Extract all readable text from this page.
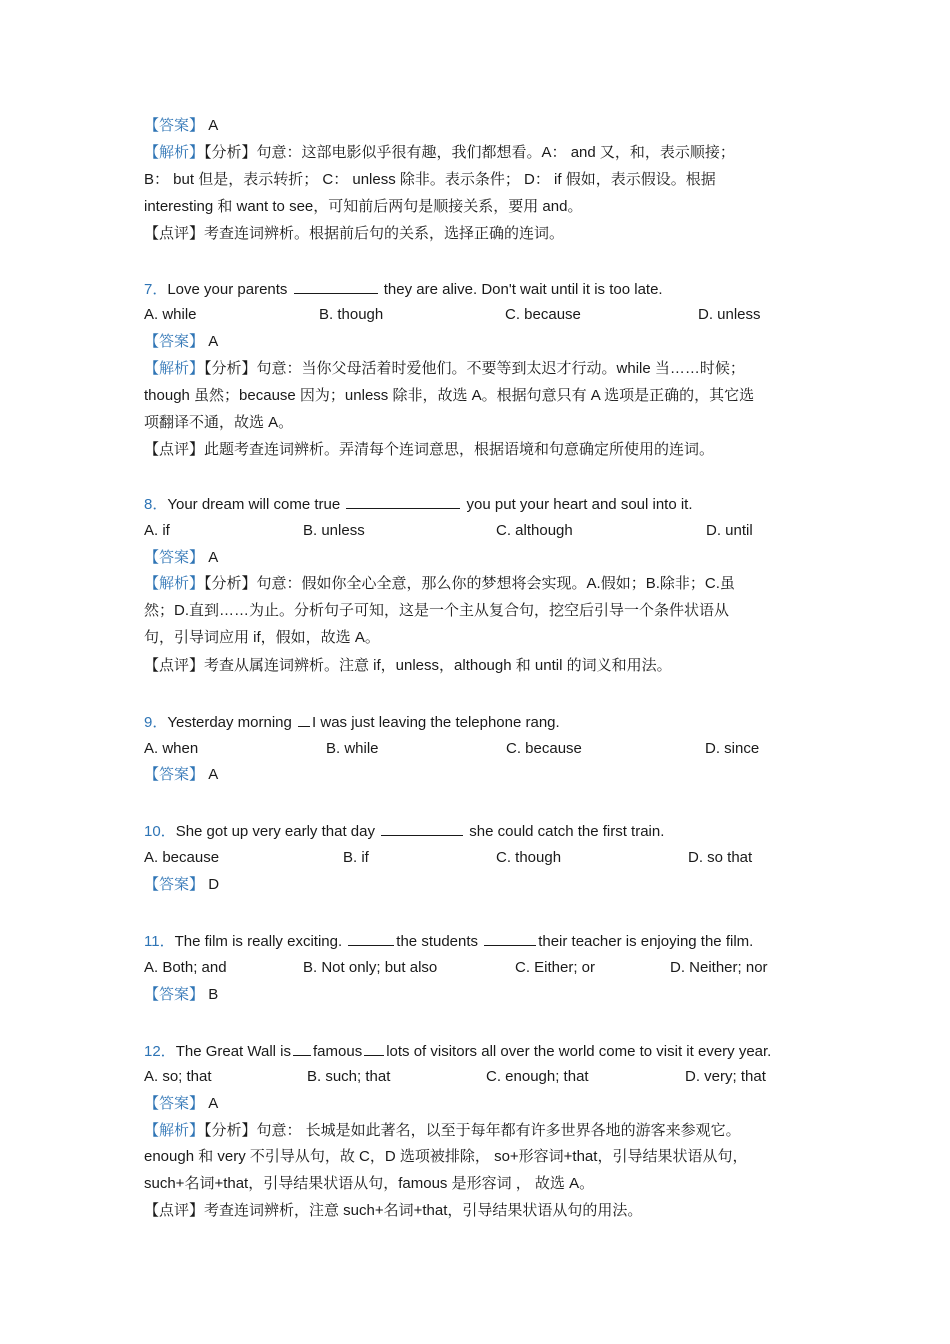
【答案】 A
【解析】【分析】句意：这部电影似乎很有趣，我们都想看。A： and 又，和，表示顺接；
B： but 但是，表示转折； C： unless 除非。表示条件； D： if 假如，表示假设。根据
interesting 和 want to see，可知前后两句是顺接关系，要用 and。
【点评】考查连词辨析。根据前后句的关系，选择正确的连词。
7．Love your parents	they are alive. Don't wait until it is too late.
A. while	B. though	C. because	D. unless
【答案】 A
【解析】【分析】句意：当你父母活着时爱他们。不要等到太迟才行动。while 当……时候；
though 虽然；because 因为；unless 除非，故选 A。根据句意只有 A 选项是正确的，其它选
项翻译不通，故选 A。
【点评】此题考查连词辨析。弄清每个连词意思，根据语境和句意确定所使用的连词。
8．Your dream will come true	you put your heart and soul into it.
A. if	B. unless	C. although	D. until
【答案】 A
【解析】【分析】句意：假如你全心全意，那么你的梦想将会实现。A.假如；B.除非；C.虽
然；D.直到……为止。分析句子可知，这是一个主从复合句，挖空后引导一个条件状语从
句，引导词应用 if，假如，故选 A。
【点评】考查从属连词辨析。注意 if，unless，although 和 until 的词义和用法。
9．Yesterday morning I was just leaving the telephone rang.
A. when	B. while	C. because	D. since
【答案】 A
10．She got up very early that day	she could catch the first train.
A. because	B. if	C. though	D. so that
【答案】 D
11．The film is really exciting.	the students	their teacher is enjoying the film.
A. Both; and	B. Not only; but also	C. Either; or	D. Neither; nor
【答案】 B
12．The Great Wall is famous lots of visitors all over the world come to visit it every year.
A. so; that	B. such; that	C. enough; that	D. very; that
【答案】 A
【解析】【分析】句意： 长城是如此著名，以至于每年都有许多世界各地的游客来参观它。
enough 和 very 不引导从句，故 C，D 选项被排除， so+形容词+that，引导结果状语从句，
such+名词+that，引导结果状语从句，famous 是形容词 ， 故选 A。
【点评】考查连词辨析，注意 such+名词+that，引导结果状语从句的用法。
